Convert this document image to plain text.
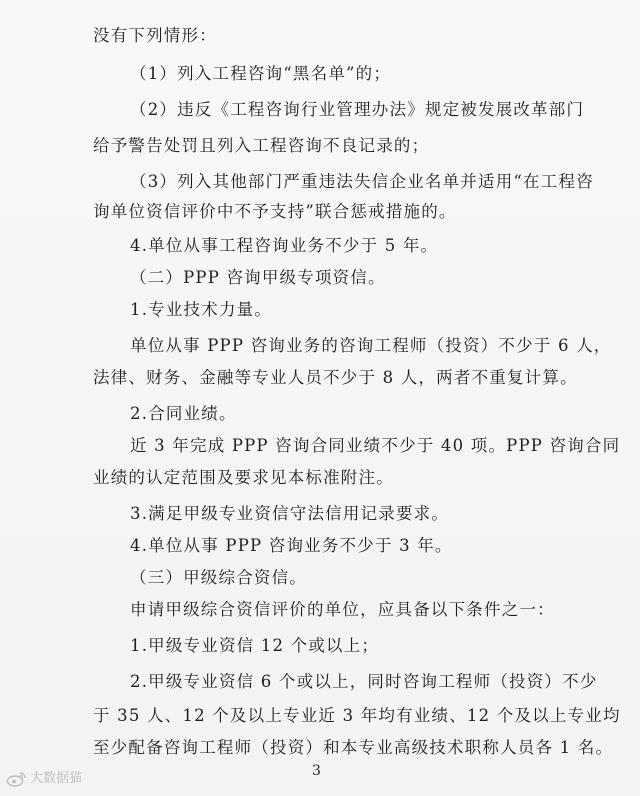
没有下列情形：
（1）列入工程咨询“黑名单”的；
（2）违反《工程咨询行业管理办法》规定被发展改革部门
给予警告处罚且列入工程咨询不良记录的；
（3）列入其他部门严重违法失信企业名单并适用“在工程咨
询单位资信评价中不予支持”联合惩戒措施的。
4.单位从事工程咨询业务不少于 5 年。
（二）PPP 咨询甲级专项资信。
1.专业技术力量。
单位从事 PPP 咨询业务的咨询工程师（投资）不少于 6 人，
法律、财务、金融等专业人员不少于 8 人，两者不重复计算。
2.合同业绩。
近 3 年完成 PPP 咨询合同业绩不少于 40 项。PPP 咨询合同
业绩的认定范围及要求见本标准附注。
3.满足甲级专业资信守法信用记录要求。
4.单位从事 PPP 咨询业务不少于 3 年。
（三）甲级综合资信。
申请甲级综合资信评价的单位，应具备以下条件之一：
1.甲级专业资信 12 个或以上；
2.甲级专业资信 6 个或以上，同时咨询工程师（投资）不少
于 35 人、12 个及以上专业近 3 年均有业绩、12 个及以上专业均
至少配备咨询工程师（投资）和本专业高级技术职称人员各 1 名。
3
大数据猫
